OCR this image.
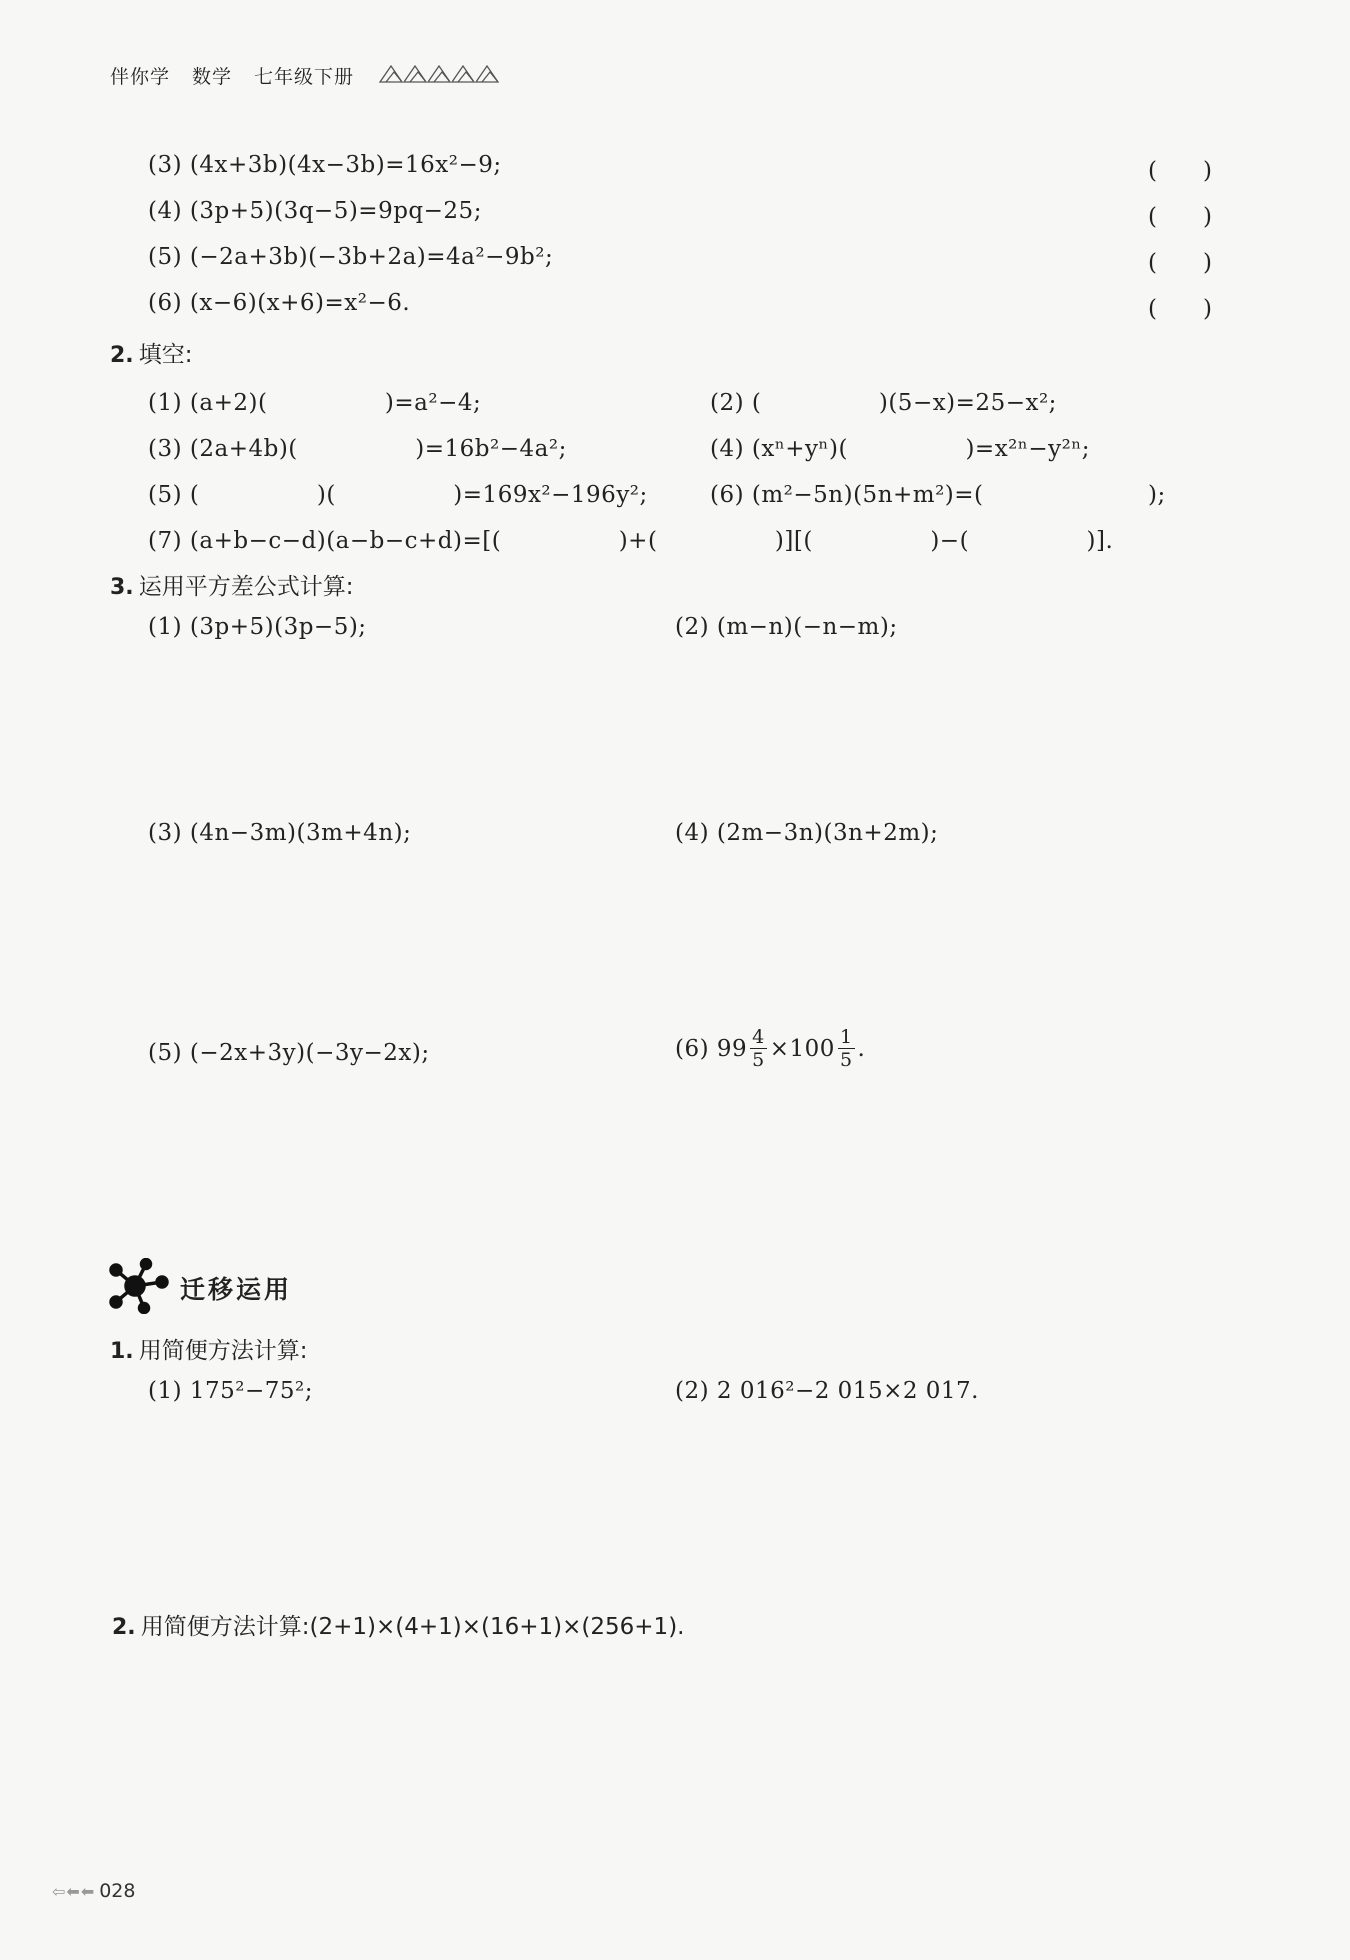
伴你学 数学 七年级下册
(3) (4x+3b)(4x−3b)=16x²−9;	(　　)
(4) (3p+5)(3q−5)=9pq−25;	(　　)
(5) (−2a+3b)(−3b+2a)=4a²−9b²;	(　　)
(6) (x−6)(x+6)=x²−6.	(　　)
2. 填空:
(1) (a+2)(　　　　　)=a²−4;	(2) (　　　　　)(5−x)=25−x²;
(3) (2a+4b)(　　　　　)=16b²−4a²;	(4) (xⁿ+yⁿ)(　　　　　)=x²ⁿ−y²ⁿ;
(5) (　　　　　)(　　　　　)=169x²−196y²;	(6) (m²−5n)(5n+m²)=(　　　　　　　);
(7) (a+b−c−d)(a−b−c+d)=[(　　　　　)+(　　　　　)][(　　　　　)−(　　　　　)].
3. 运用平方差公式计算:
(1) (3p+5)(3p−5);	(2) (m−n)(−n−m);
(3) (4n−3m)(3m+4n);	(4) (2m−3n)(3n+2m);
(5) (−2x+3y)(−3y−2x);	(6) $99 \frac{4}{5} \times 100 \frac{1}{5}$ .
迁移运用
1. 用简便方法计算:
(1) 175²−75²;	(2) 2 016²−2 015×2 017.
2. 用简便方法计算:(2+1)×(4+1)×(16+1)×(256+1).
⇦⬅⬅ 028
